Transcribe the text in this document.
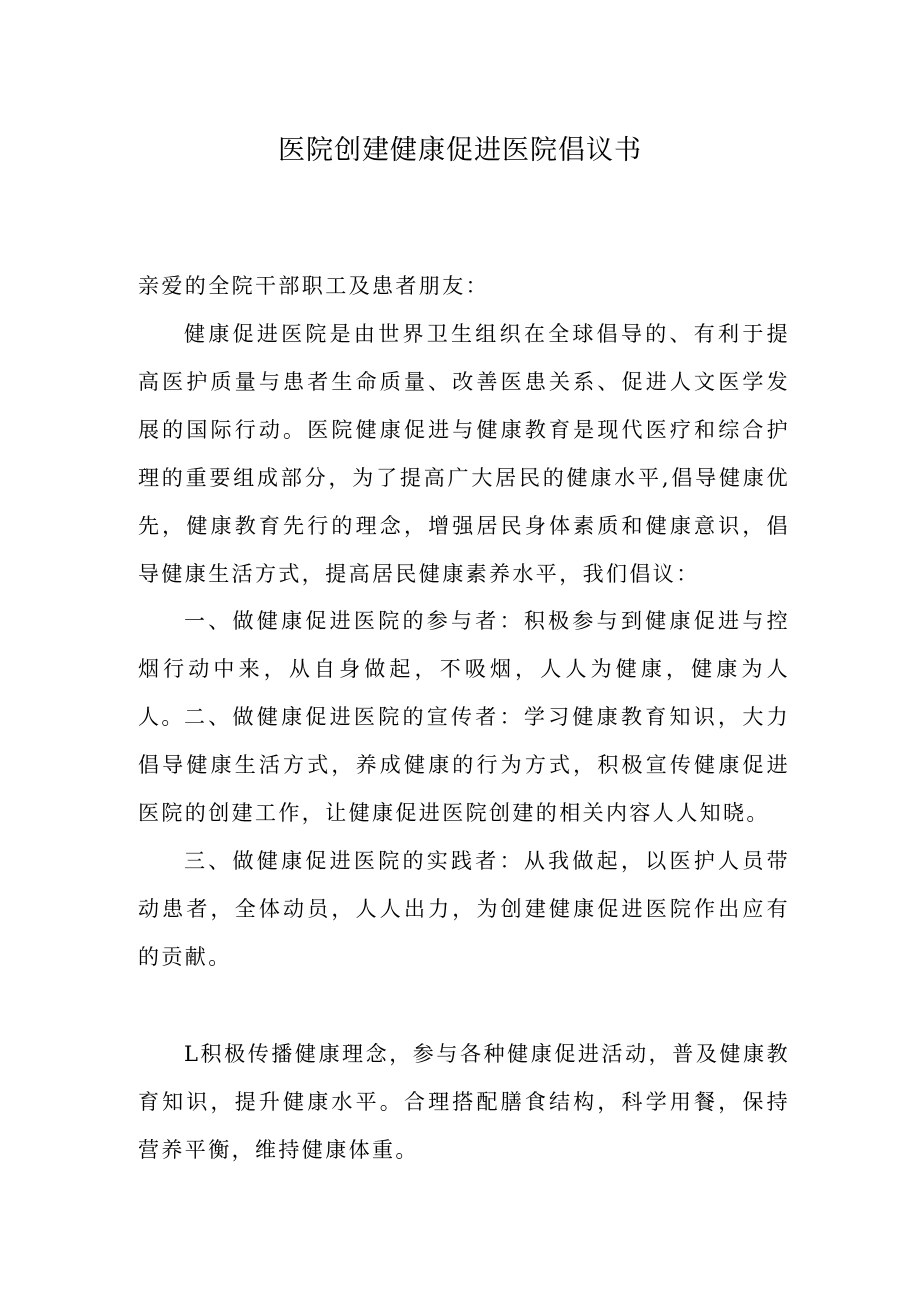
医院创建健康促进医院倡议书

亲爱的全院干部职工及患者朋友：

健康促进医院是由世界卫生组织在全球倡导的、有利于提高医护质量与患者生命质量、改善医患关系、促进人文医学发展的国际行动。医院健康促进与健康教育是现代医疗和综合护理的重要组成部分，为了提高广大居民的健康水平,倡导健康优先，健康教育先行的理念，增强居民身体素质和健康意识，倡导健康生活方式，提高居民健康素养水平，我们倡议：

一、做健康促进医院的参与者：积极参与到健康促进与控烟行动中来，从自身做起，不吸烟，人人为健康，健康为人人。 二、做健康促进医院的宣传者：学习健康教育知识，大力倡导健康生活方式，养成健康的行为方式，积极宣传健康促进医院的创建工作，让健康促进医院创建的相关内容人人知晓。

三、做健康促进医院的实践者：从我做起，以医护人员带动患者，全体动员，人人出力，为创建健康促进医院作出应有的贡献。

L积极传播健康理念，参与各种健康促进活动，普及健康教育知识，提升健康水平。合理搭配膳食结构，科学用餐，保持营养平衡，维持健康体重。
